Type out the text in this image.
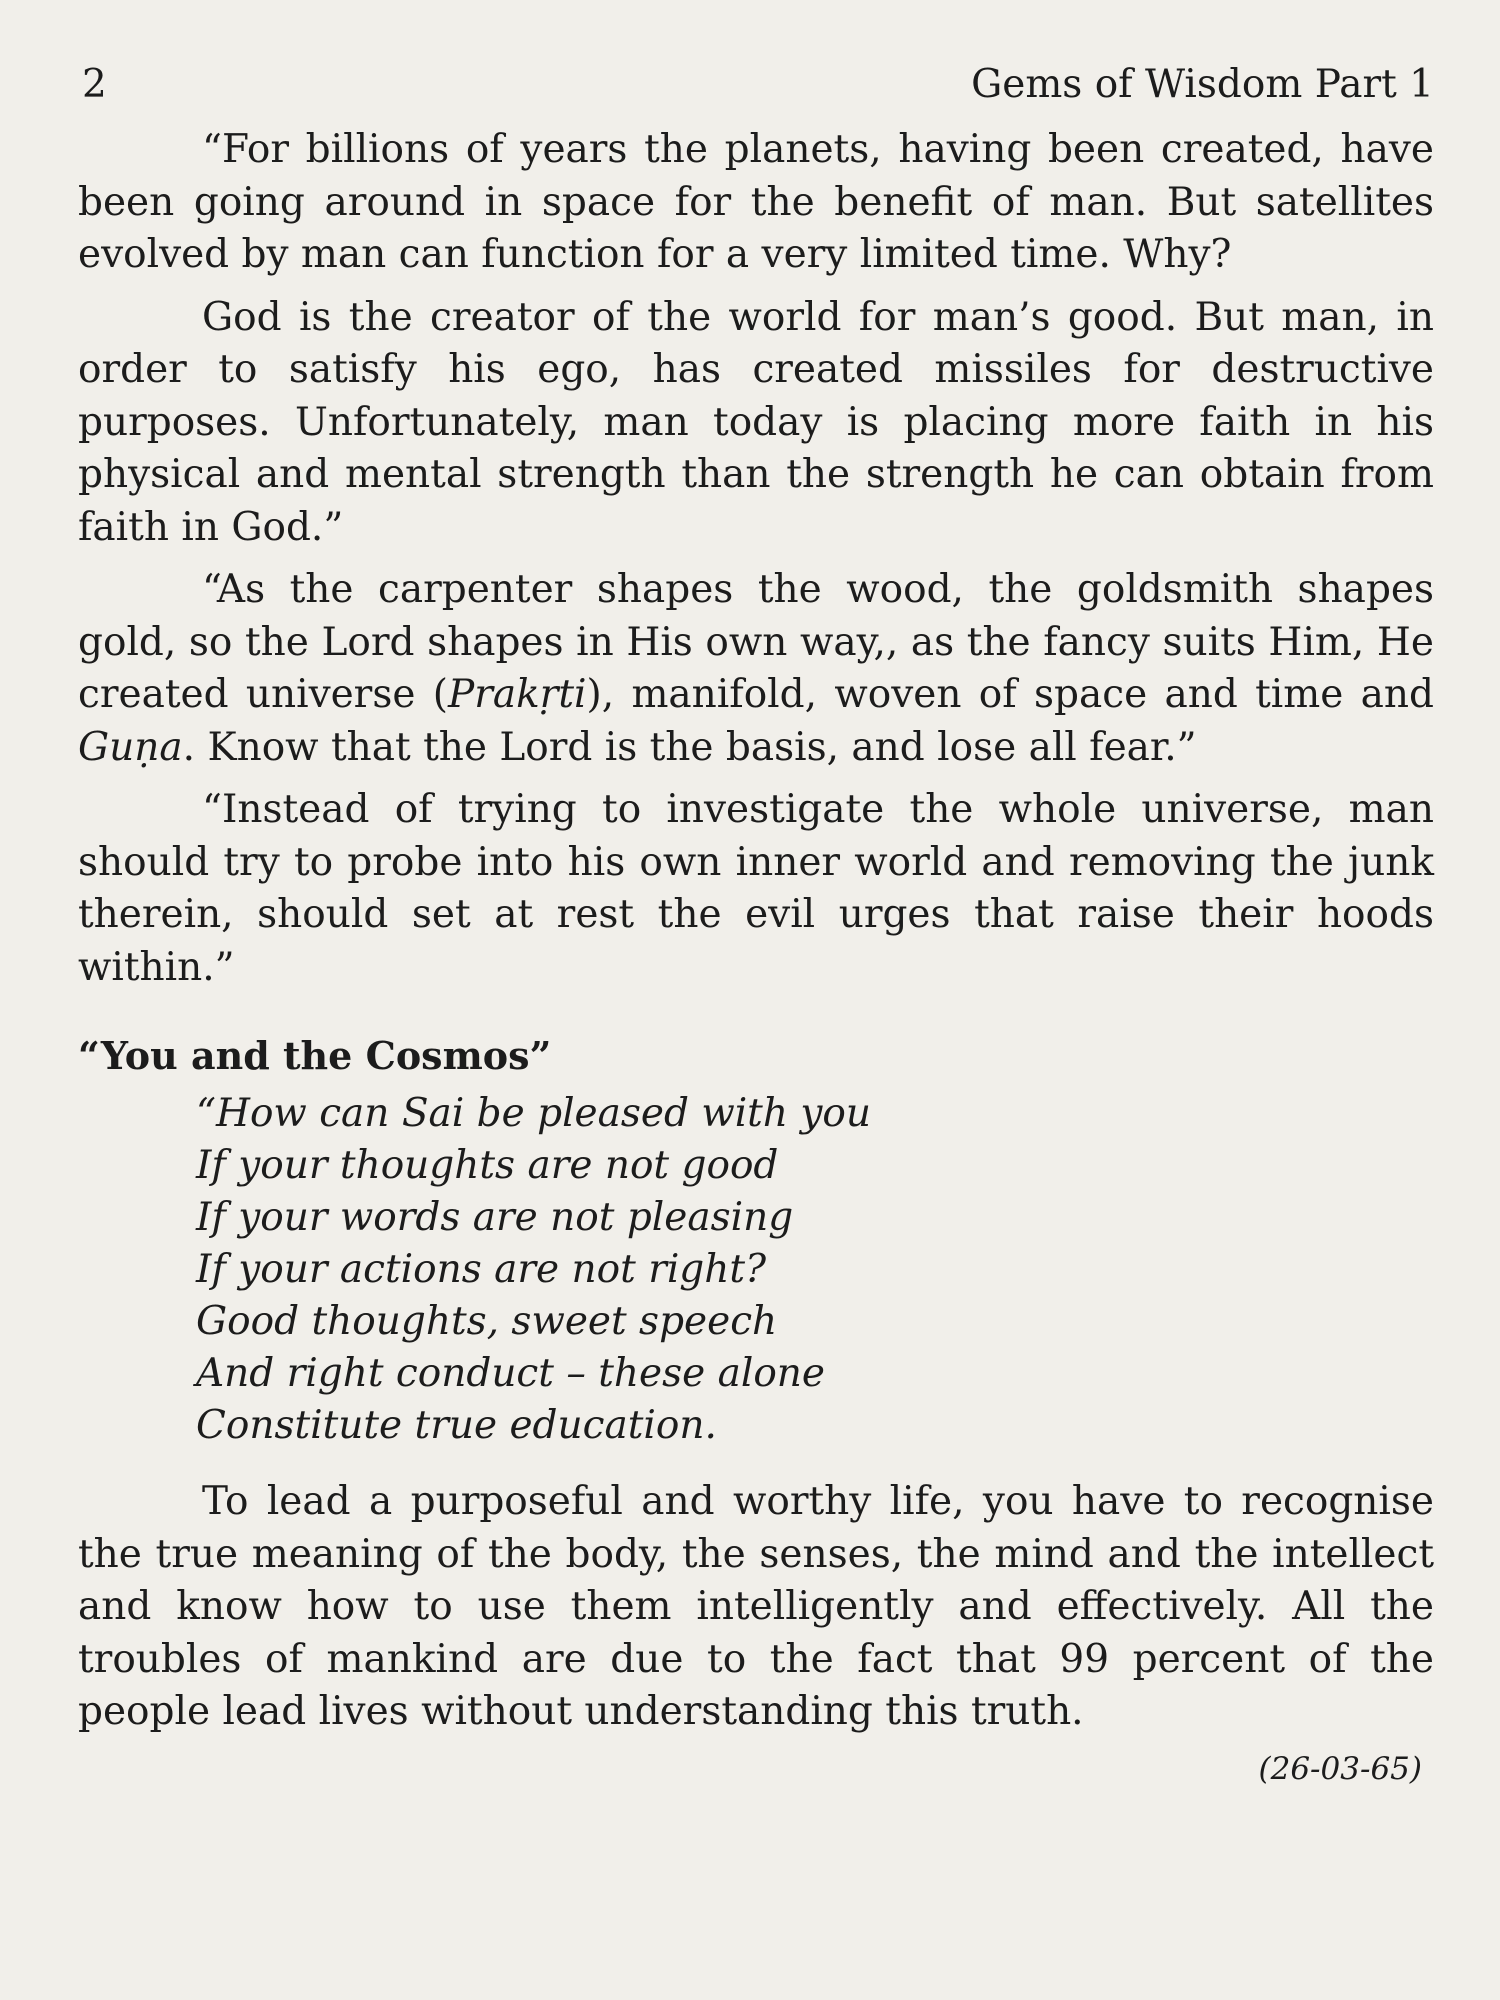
2	Gems of Wisdom Part 1

“For billions of years the planets, having been created, have been going around in space for the benefit of man. But satellites evolved by man can function for a very limited time. Why?

God is the creator of the world for man’s good. But man, in order to satisfy his ego, has created missiles for destructive purposes. Unfortunately, man today is placing more faith in his physical and mental strength than the strength he can obtain from faith in God.”

“As the carpenter shapes the wood, the goldsmith shapes gold, so the Lord shapes in His own way,, as the fancy suits Him, He created universe (Prakṛti), manifold, woven of space and time and Guṇa. Know that the Lord is the basis, and lose all fear.”

“Instead of trying to investigate the whole universe, man should try to probe into his own inner world and removing the junk therein, should set at rest the evil urges that raise their hoods within.”

“You and the Cosmos”
“How can Sai be pleased with you
If your thoughts are not good
If your words are not pleasing
If your actions are not right?
Good thoughts, sweet speech
And right conduct – these alone
Constitute true education.

To lead a purposeful and worthy life, you have to recognise the true meaning of the body, the senses, the mind and the intellect and know how to use them intelligently and effectively. All the troubles of mankind are due to the fact that 99 percent of the people lead lives without understanding this truth.

(26-03-65)
